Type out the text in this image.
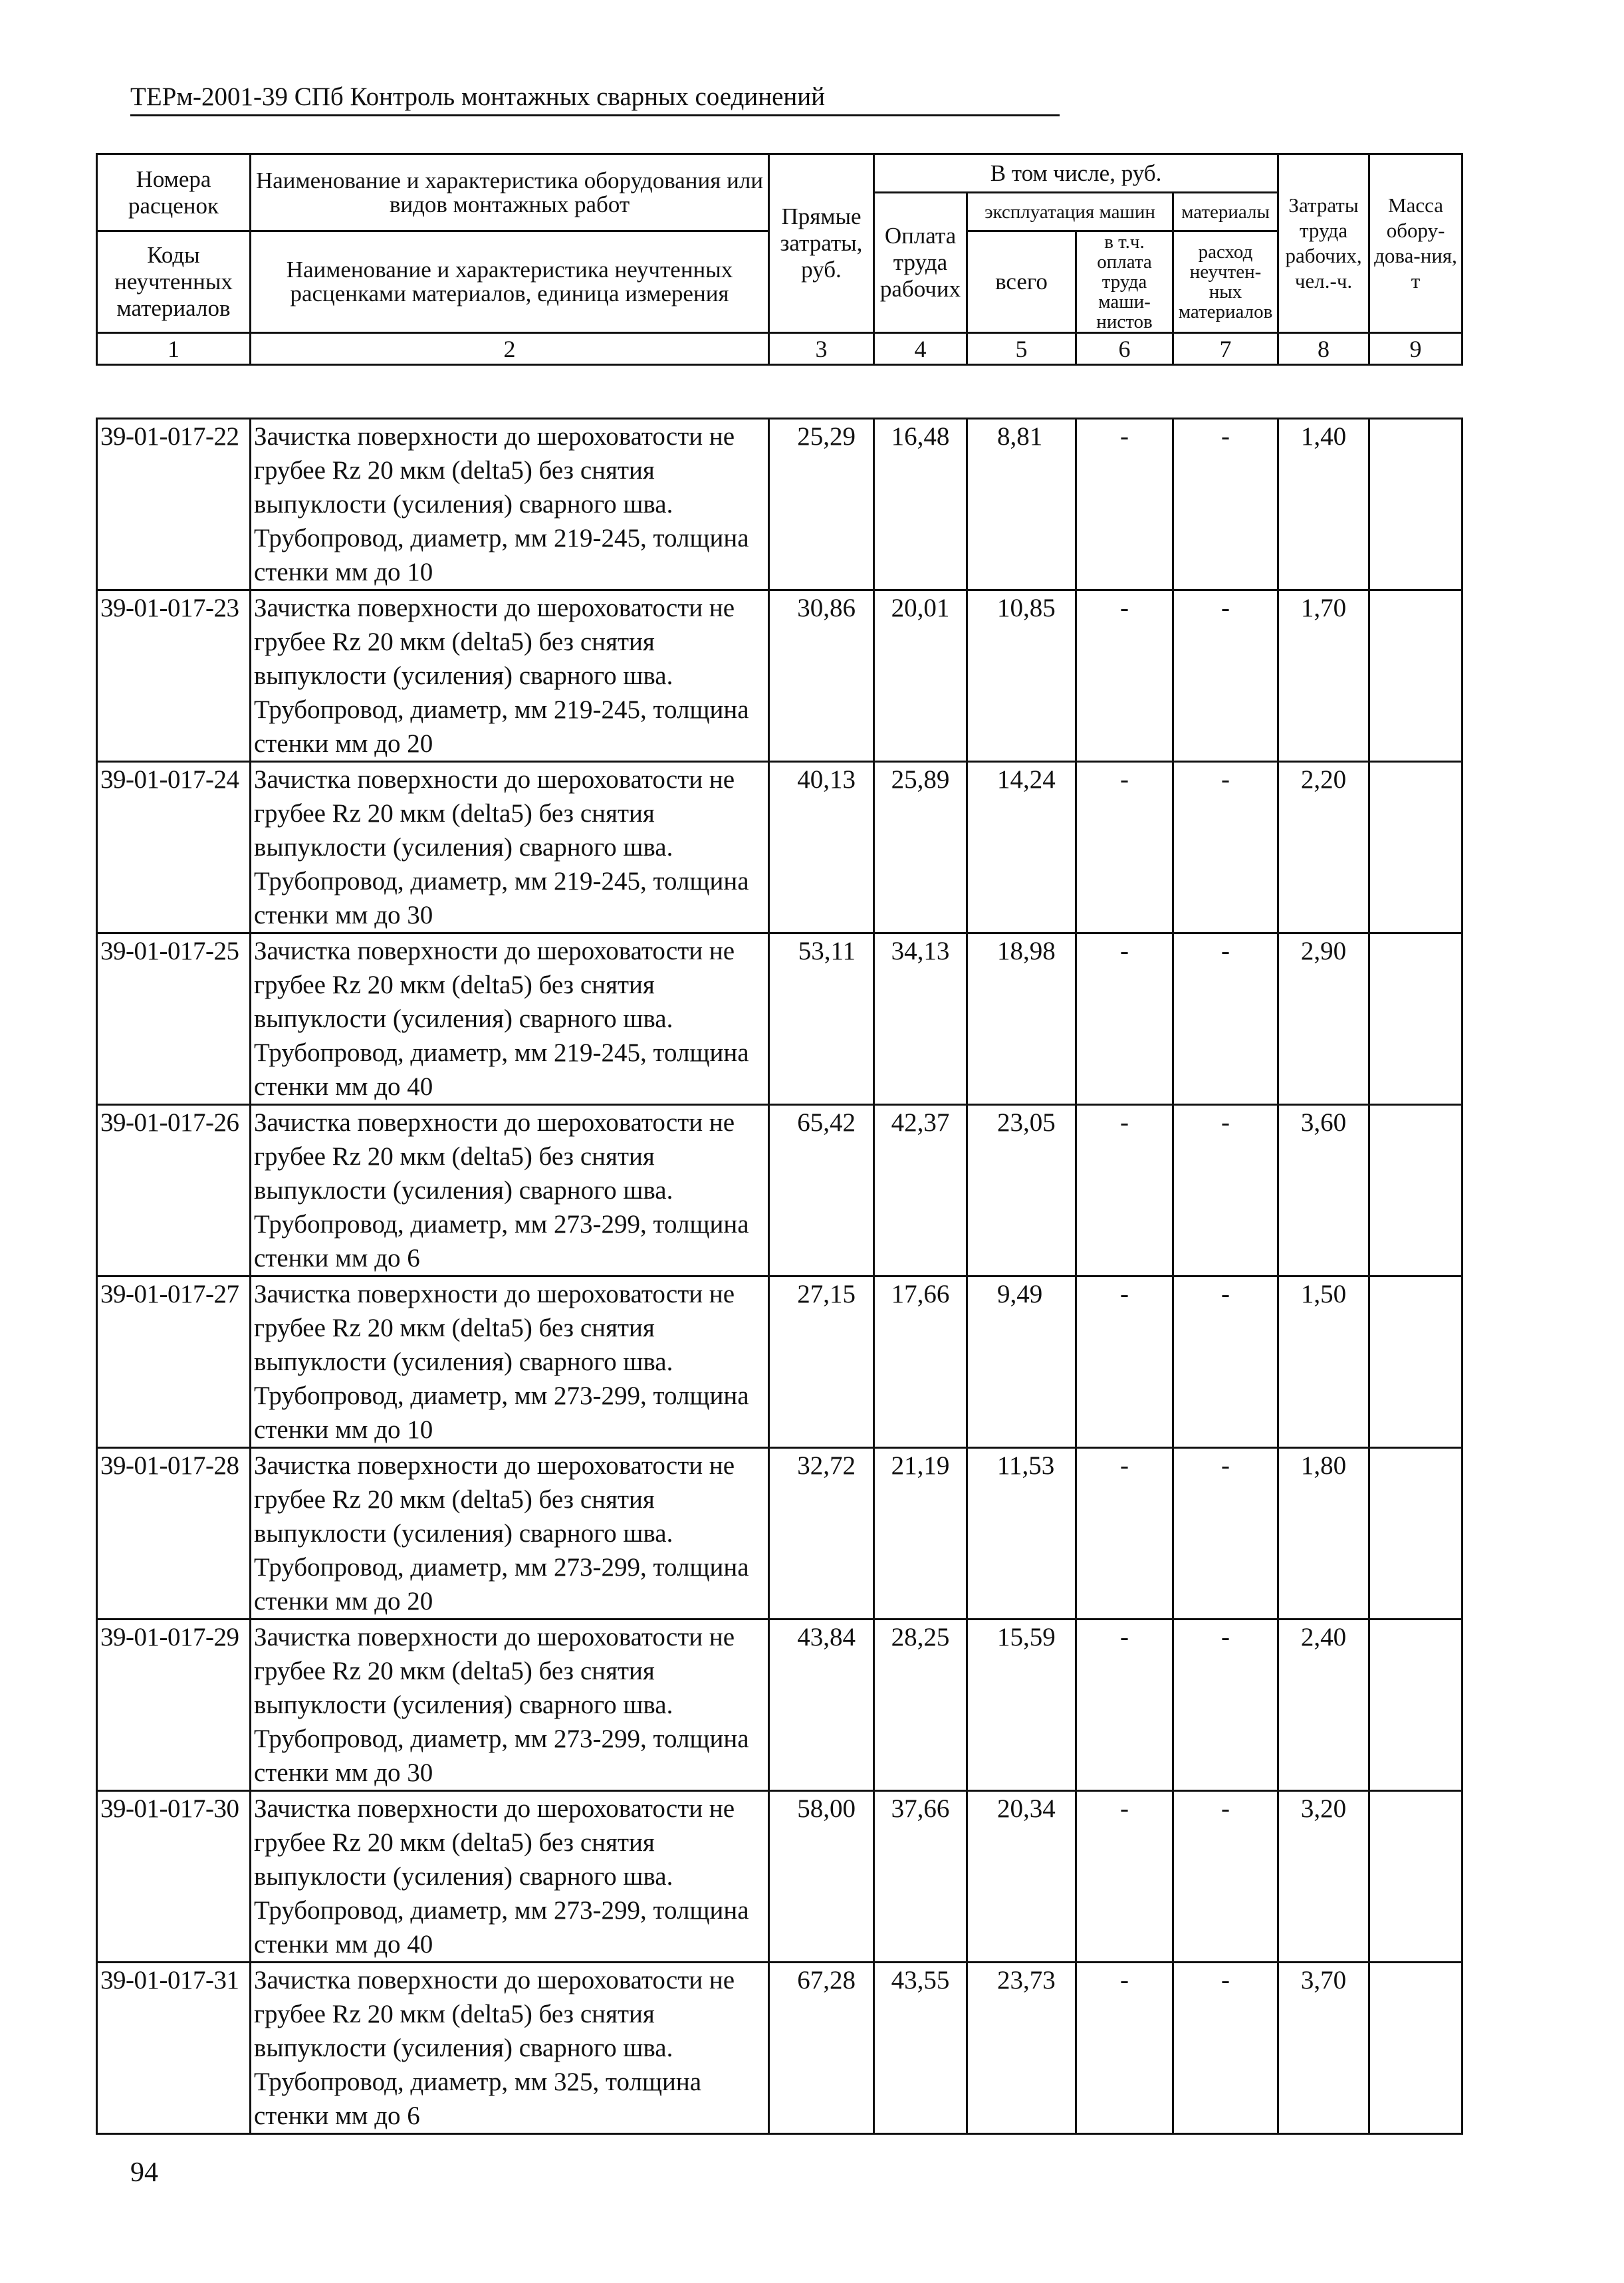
ТЕРм-2001-39 СПб Контроль монтажных сварных соединений
Номера расценок	Наименование и характеристика оборудования или видов монтажных работ	Прямые затраты, руб.	В том числе, руб.				Затраты труда рабочих, чел.-ч.	Масса обору-дова-ния, т
			Оплата труда рабочих	эксплуатация машин		материалы		
Коды неучтенных материалов	Наименование и характеристика неучтенных расценками материалов, единица измерения			всего	в т.ч. оплата труда маши-нистов	расход неучтен-ных материалов		

1	2	3	4	5	6	7	8	9
39-01-017-22	Зачистка поверхности до шероховатости не грубее Rz 20 мкм (delta5) без снятия выпуклости (усиления) сварного шва. Трубопровод, диаметр, мм 219-245, толщина стенки мм до 10	25,29	16,48	8,81	-	-	1,40	
39-01-017-23	Зачистка поверхности до шероховатости не грубее Rz 20 мкм (delta5) без снятия выпуклости (усиления) сварного шва. Трубопровод, диаметр, мм 219-245, толщина стенки мм до 20	30,86	20,01	10,85	-	-	1,70	
39-01-017-24	Зачистка поверхности до шероховатости не грубее Rz 20 мкм (delta5) без снятия выпуклости (усиления) сварного шва. Трубопровод, диаметр, мм 219-245, толщина стенки мм до 30	40,13	25,89	14,24	-	-	2,20	
39-01-017-25	Зачистка поверхности до шероховатости не грубее Rz 20 мкм (delta5) без снятия выпуклости (усиления) сварного шва. Трубопровод, диаметр, мм 219-245, толщина стенки мм до 40	53,11	34,13	18,98	-	-	2,90	
39-01-017-26	Зачистка поверхности до шероховатости не грубее Rz 20 мкм (delta5) без снятия выпуклости (усиления) сварного шва. Трубопровод, диаметр, мм 273-299, толщина стенки мм до 6	65,42	42,37	23,05	-	-	3,60	
39-01-017-27	Зачистка поверхности до шероховатости не грубее Rz 20 мкм (delta5) без снятия выпуклости (усиления) сварного шва. Трубопровод, диаметр, мм 273-299, толщина стенки мм до 10	27,15	17,66	9,49	-	-	1,50	
39-01-017-28	Зачистка поверхности до шероховатости не грубее Rz 20 мкм (delta5) без снятия выпуклости (усиления) сварного шва. Трубопровод, диаметр, мм 273-299, толщина стенки мм до 20	32,72	21,19	11,53	-	-	1,80	
39-01-017-29	Зачистка поверхности до шероховатости не грубее Rz 20 мкм (delta5) без снятия выпуклости (усиления) сварного шва. Трубопровод, диаметр, мм 273-299, толщина стенки мм до 30	43,84	28,25	15,59	-	-	2,40	
39-01-017-30	Зачистка поверхности до шероховатости не грубее Rz 20 мкм (delta5) без снятия выпуклости (усиления) сварного шва. Трубопровод, диаметр, мм 273-299, толщина стенки мм до 40	58,00	37,66	20,34	-	-	3,20	
39-01-017-31	Зачистка поверхности до шероховатости не грубее Rz 20 мкм (delta5) без снятия выпуклости (усиления) сварного шва. Трубопровод, диаметр, мм 325, толщина стенки мм до 6	67,28	43,55	23,73	-	-	3,70	
94
